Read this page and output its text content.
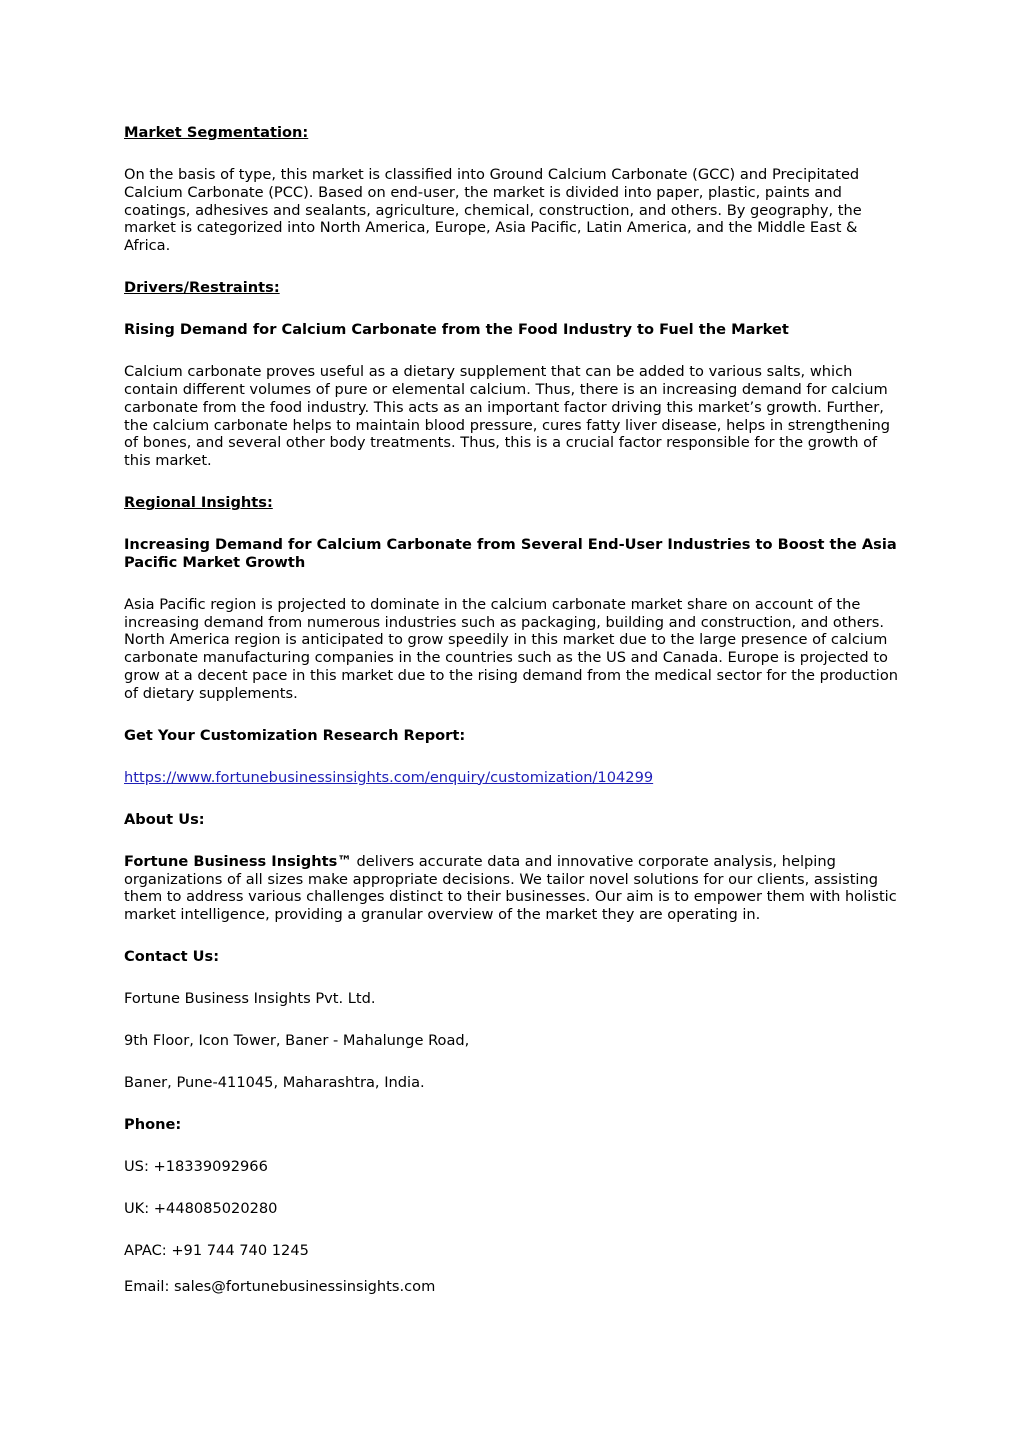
Market Segmentation:
On the basis of type, this market is classified into Ground Calcium Carbonate (GCC) and Precipitated Calcium Carbonate (PCC). Based on end-user, the market is divided into paper, plastic, paints and coatings, adhesives and sealants, agriculture, chemical, construction, and others. By geography, the market is categorized into North America, Europe, Asia Pacific, Latin America, and the Middle East & Africa.
Drivers/Restraints:
Rising Demand for Calcium Carbonate from the Food Industry to Fuel the Market
Calcium carbonate proves useful as a dietary supplement that can be added to various salts, which contain different volumes of pure or elemental calcium. Thus, there is an increasing demand for calcium carbonate from the food industry. This acts as an important factor driving this market’s growth. Further, the calcium carbonate helps to maintain blood pressure, cures fatty liver disease, helps in strengthening of bones, and several other body treatments. Thus, this is a crucial factor responsible for the growth of this market.
Regional Insights:
Increasing Demand for Calcium Carbonate from Several End-User Industries to Boost the Asia Pacific Market Growth
Asia Pacific region is projected to dominate in the calcium carbonate market share on account of the increasing demand from numerous industries such as packaging, building and construction, and others. North America region is anticipated to grow speedily in this market due to the large presence of calcium carbonate manufacturing companies in the countries such as the US and Canada. Europe is projected to grow at a decent pace in this market due to the rising demand from the medical sector for the production of dietary supplements.
Get Your Customization Research Report:
https://www.fortunebusinessinsights.com/enquiry/customization/104299
About Us:
Fortune Business Insights™ delivers accurate data and innovative corporate analysis, helping organizations of all sizes make appropriate decisions. We tailor novel solutions for our clients, assisting them to address various challenges distinct to their businesses. Our aim is to empower them with holistic market intelligence, providing a granular overview of the market they are operating in.
Contact Us:
Fortune Business Insights Pvt. Ltd.
9th Floor, Icon Tower, Baner - Mahalunge Road,
Baner, Pune-411045, Maharashtra, India.
Phone:
US: +18339092966
UK: +448085020280
APAC: +91 744 740 1245
Email: sales@fortunebusinessinsights.com
